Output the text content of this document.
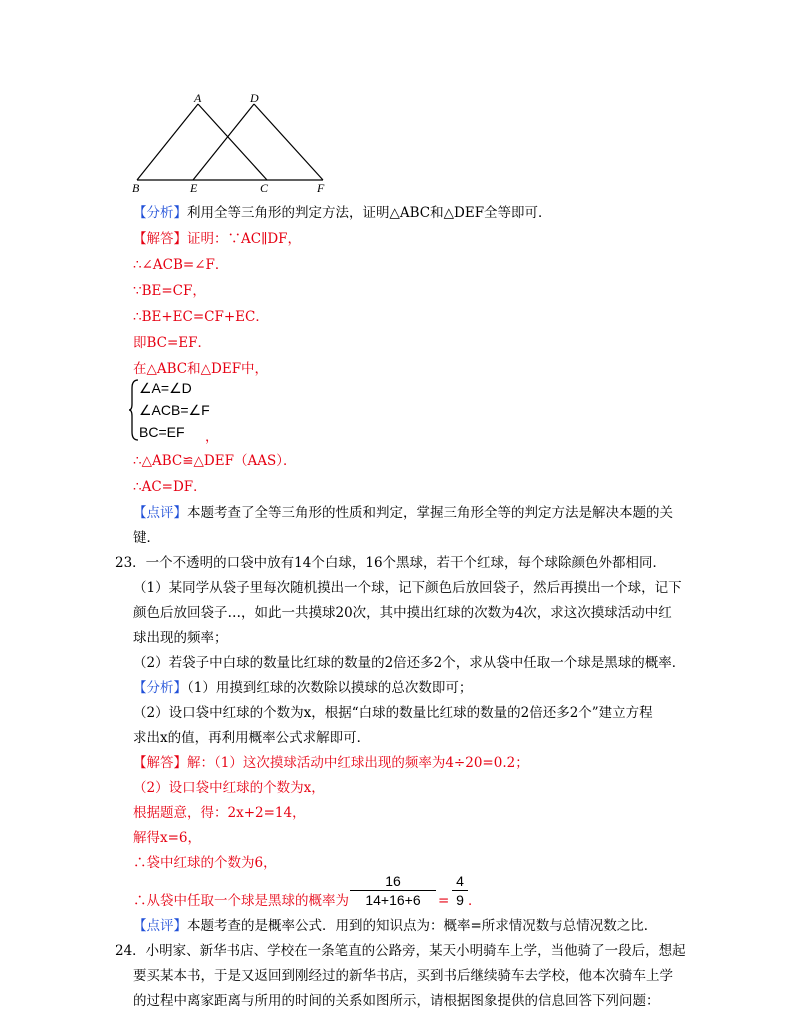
A	D
B	E	C	F
【分析】利用全等三角形的判定方法，证明△ABC和△DEF全等即可．
【解答】证明：∵AC∥DF，
∴∠ACB=∠F．
∵BE=CF，
∴BE+EC=CF+EC．
即BC=EF．
在△ABC和△DEF中，
∠A=∠D
∠ACB=∠F
BC=EF ，
∴△ABC≌△DEF（AAS）．
∴AC=DF．
【点评】本题考查了全等三角形的性质和判定，掌握三角形全等的判定方法是解决本题的关
键．
23．一个不透明的口袋中放有14个白球，16个黑球，若干个红球，每个球除颜色外都相同．
（1）某同学从袋子里每次随机摸出一个球，记下颜色后放回袋子，然后再摸出一个球，记下
颜色后放回袋子…，如此一共摸球20次，其中摸出红球的次数为4次，求这次摸球活动中红
球出现的频率；
（2）若袋子中白球的数量比红球的数量的2倍还多2个，求从袋中任取一个球是黑球的概率．
【分析】（1）用摸到红球的次数除以摸球的总次数即可；
（2）设口袋中红球的个数为x，根据“白球的数量比红球的数量的2倍还多2个”建立方程
求出x的值，再利用概率公式求解即可．
【解答】解：（1）这次摸球活动中红球出现的频率为4÷20=0.2；
（2）设口袋中红球的个数为x，
根据题意，得：2x+2=14，
解得x=6，
∴袋中红球的个数为6，
∴从袋中任取一个球是黑球的概率为 $\frac{16}{14+16+6} = \frac{4}{9}$ ．
【点评】本题考查的是概率公式．用到的知识点为：概率=所求情况数与总情况数之比．
24．小明家、新华书店、学校在一条笔直的公路旁，某天小明骑车上学，当他骑了一段后，想起
要买某本书，于是又返回到刚经过的新华书店，买到书后继续骑车去学校，他本次骑车上学
的过程中离家距离与所用的时间的关系如图所示，请根据图象提供的信息回答下列问题：
